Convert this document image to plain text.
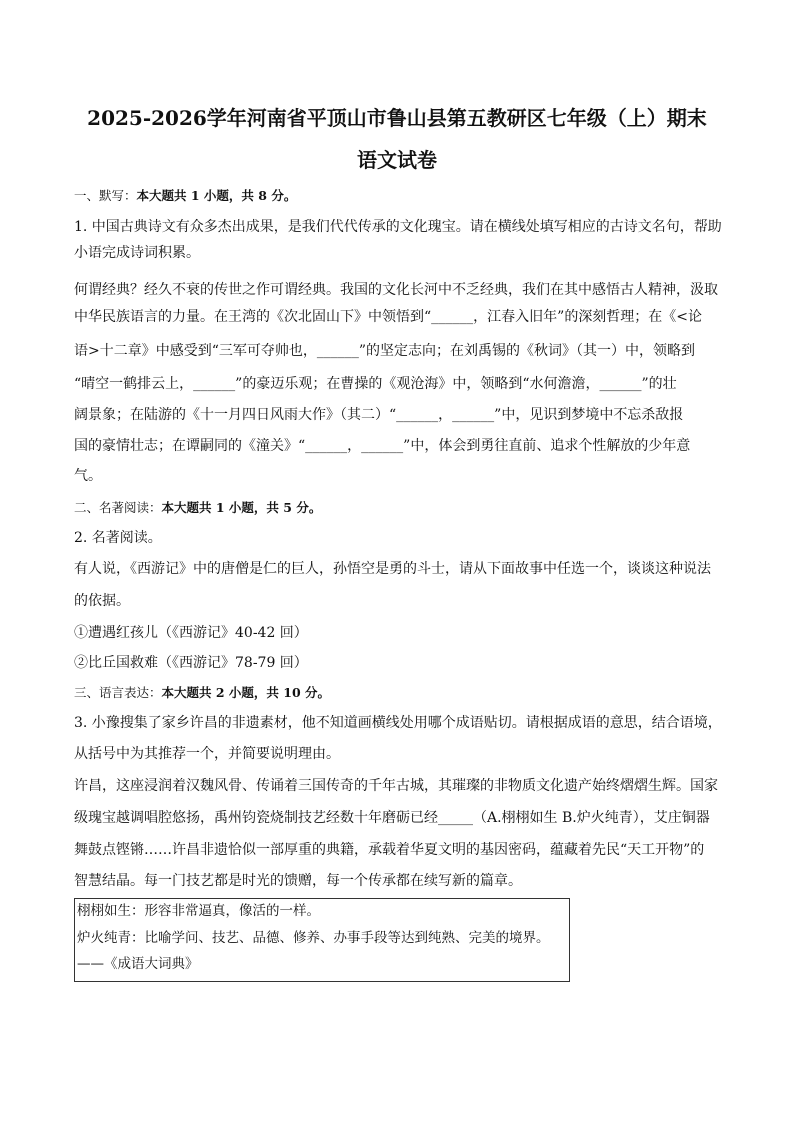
2025-2026学年河南省平顶山市鲁山县第五教研区七年级（上）期末
语文试卷
一、默写：本大题共 1 小题，共 8 分。
1. 中国古典诗文有众多杰出成果，是我们代代传承的文化瑰宝。请在横线处填写相应的古诗文名句，帮助
小语完成诗词积累。
何谓经典？经久不衰的传世之作可谓经典。我国的文化长河中不乏经典，我们在其中感悟古人精神，汲取
中华民族语言的力量。在王湾的《次北固山下》中领悟到“______，江春入旧年”的深刻哲理；在《<论
语>十二章》中感受到“三军可夺帅也，______”的坚定志向；在刘禹锡的《秋词》（其一）中，领略到
“晴空一鹤排云上，______”的豪迈乐观；在曹操的《观沧海》中，领略到“水何澹澹，______”的壮
阔景象；在陆游的《十一月四日风雨大作》（其二）“______，______”中，见识到梦境中不忘杀敌报
国的豪情壮志；在谭嗣同的《潼关》“______，______”中，体会到勇往直前、追求个性解放的少年意
气。
二、名著阅读：本大题共 1 小题，共 5 分。
2. 名著阅读。
有人说，《西游记》中的唐僧是仁的巨人，孙悟空是勇的斗士，请从下面故事中任选一个，谈谈这种说法
的依据。
①遭遇红孩儿（《西游记》40-42 回）
②比丘国救难（《西游记》78-79 回）
三、语言表达：本大题共 2 小题，共 10 分。
3. 小豫搜集了家乡许昌的非遗素材，他不知道画横线处用哪个成语贴切。请根据成语的意思，结合语境，
从括号中为其推荐一个，并简要说明理由。
许昌，这座浸润着汉魏风骨、传诵着三国传奇的千年古城，其璀璨的非物质文化遗产始终熠熠生辉。国家
级瑰宝越调唱腔悠扬，禹州钧瓷烧制技艺经数十年磨砺已经_____（A.栩栩如生 B.炉火纯青），艾庄铜器
舞鼓点铿锵……许昌非遗恰似一部厚重的典籍，承载着华夏文明的基因密码，蕴藏着先民“天工开物”的
智慧结晶。每一门技艺都是时光的馈赠，每一个传承都在续写新的篇章。
栩栩如生：形容非常逼真，像活的一样。
炉火纯青：比喻学问、技艺、品德、修养、办事手段等达到纯熟、完美的境界。
——《成语大词典》
